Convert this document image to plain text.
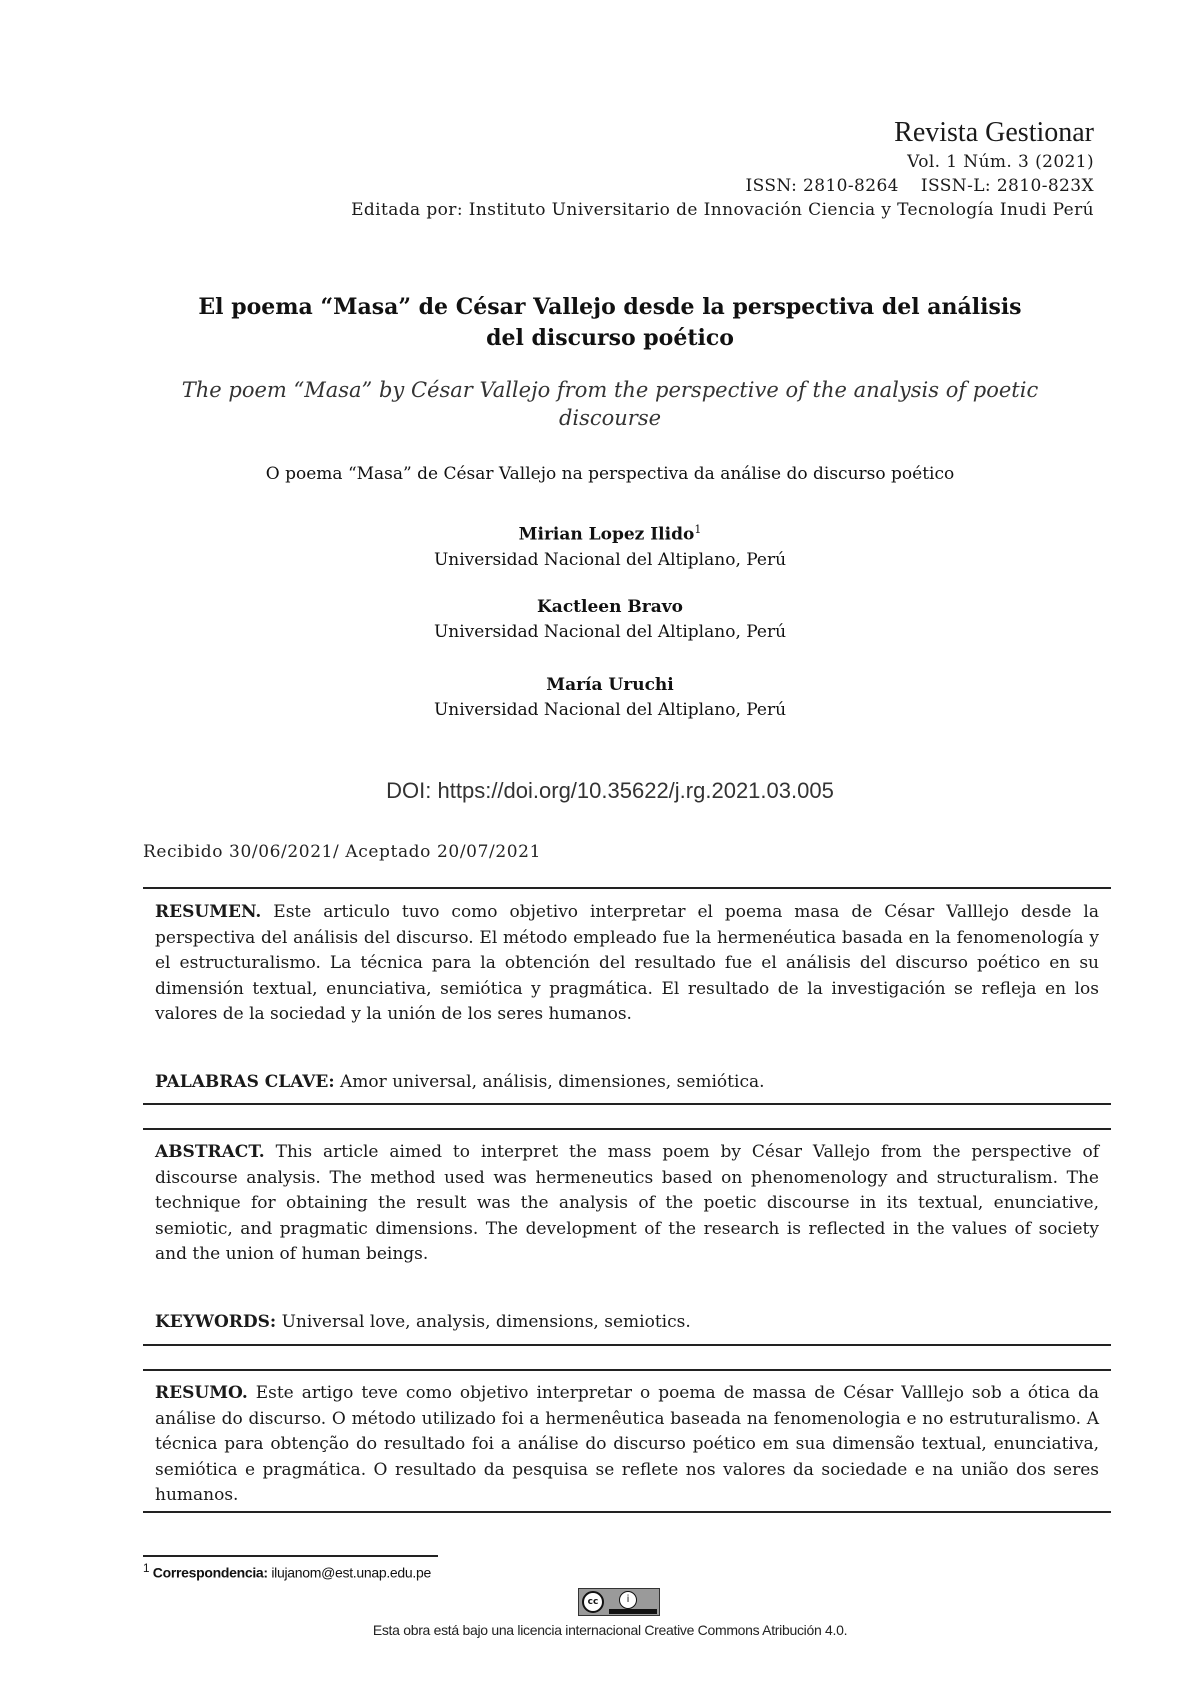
Revista Gestionar
Vol. 1 Núm. 3 (2021)
ISSN: 2810-8264 ISSN-L: 2810-823X
Editada por: Instituto Universitario de Innovación Ciencia y Tecnología Inudi Perú
El poema “Masa” de César Vallejo desde la perspectiva del análisis
del discurso poético
The poem “Masa” by César Vallejo from the perspective of the analysis of poetic
discourse
O poema “Masa” de César Vallejo na perspectiva da análise do discurso poético
Mirian Lopez Ilido$^1$
Universidad Nacional del Altiplano, Perú
Kactleen Bravo
Universidad Nacional del Altiplano, Perú
María Uruchi
Universidad Nacional del Altiplano, Perú
DOI: https://doi.org/10.35622/j.rg.2021.03.005
Recibido 30/06/2021/ Aceptado 20/07/2021
RESUMEN. Este articulo tuvo como objetivo interpretar el poema masa de César Valllejo desde la perspectiva del análisis del discurso. El método empleado fue la hermenéutica basada en la fenomenología y el estructuralismo. La técnica para la obtención del resultado fue el análisis del discurso poético en su dimensión textual, enunciativa, semiótica y pragmática. El resultado de la investigación se refleja en los valores de la sociedad y la unión de los seres humanos.
PALABRAS CLAVE: Amor universal, análisis, dimensiones, semiótica.
ABSTRACT. This article aimed to interpret the mass poem by César Vallejo from the perspective of discourse analysis. The method used was hermeneutics based on phenomenology and structuralism. The technique for obtaining the result was the analysis of the poetic discourse in its textual, enunciative, semiotic, and pragmatic dimensions. The development of the research is reflected in the values of society and the union of human beings.
KEYWORDS: Universal love, analysis, dimensions, semiotics.
RESUMO. Este artigo teve como objetivo interpretar o poema de massa de César Valllejo sob a ótica da análise do discurso. O método utilizado foi a hermenêutica baseada na fenomenologia e no estruturalismo. A técnica para obtenção do resultado foi a análise do discurso poético em sua dimensão textual, enunciativa, semiótica e pragmática. O resultado da pesquisa se reflete nos valores da sociedade e na união dos seres humanos.
$^1$ Correspondencia: ilujanom@est.unap.edu.pe
cc	i
Esta obra está bajo una licencia internacional Creative Commons Atribución 4.0.
